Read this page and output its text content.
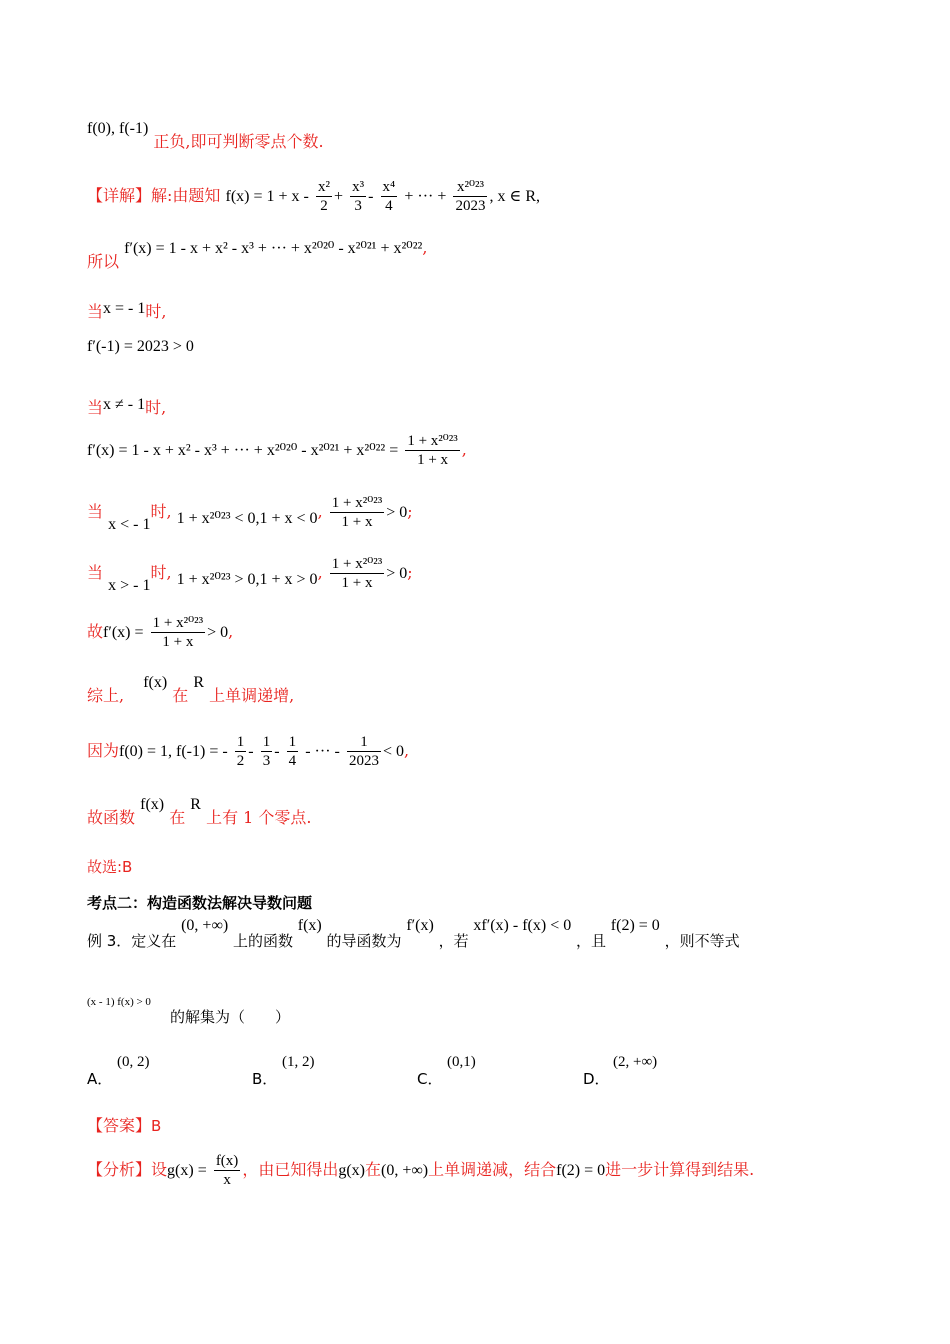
f(0), f(-1) 正负,即可判断零点个数.
【详解】解:由题知 $f(x) = 1 + x - \frac{\text{x²}}{2} + \frac{\text{x³}}{3} - \frac{\text{x⁴}}{4}$ + ··· + $\frac{\text{x²⁰²³}}{2023}$ , x ∈ R,
所以 f′(x) = 1 - x + x² - x³ + ··· + x²⁰²⁰ - x²⁰²¹ + x²⁰²²,
当x = - 1时,
f′(-1) = 2023 > 0
当x ≠ - 1时,
f′(x) = 1 - x + x² - x³ + ··· + $x^{2020} - x^{2021} + x^{2022} = \frac{\text{1 + x²⁰²³}}{1 + x}$ ,
当 x < - 1时, 1 + x²⁰²³ < 0,1 + x < 0, $\frac{\text{1 + x²⁰²³}}{1 + x} > 0$;
当 x > - 1时, 1 + x²⁰²³ > 0,1 + x > 0, $\frac{\text{1 + x²⁰²³}}{1 + x} > 0$;
故$f'(x) = \frac{\text{1 + x²⁰²³}}{1 + x} > 0$,
综上, f(x) 在 R 上单调递增,
因为f(0) = 1, f(-1) = - $\frac{1}{2} - \frac{1}{3} - \frac{1}{4}$ - ··· - $\frac{1}{2023} < 0$,
故函数 f(x) 在 R 上有 1 个零点.
故选:B
考点二：构造函数法解决导数问题
例 3．定义在 (0, +∞) 上的函数 f(x) 的导函数为 f′(x) ，若 xf′(x) - f(x) < 0 ，且 f(2) = 0 ，则不等式
(x - 1) f(x) > 0
的解集为（　　）
A．
(0, 2)
B．
(1, 2)
C．
(0,1)
D．
(2, +∞)
【答案】B
【分析】设$g(x) = \frac{f(x)}{x}$ ，由已知得出g(x)在(0, +∞)上单调递减，结合f(2) = 0进一步计算得到结果.
